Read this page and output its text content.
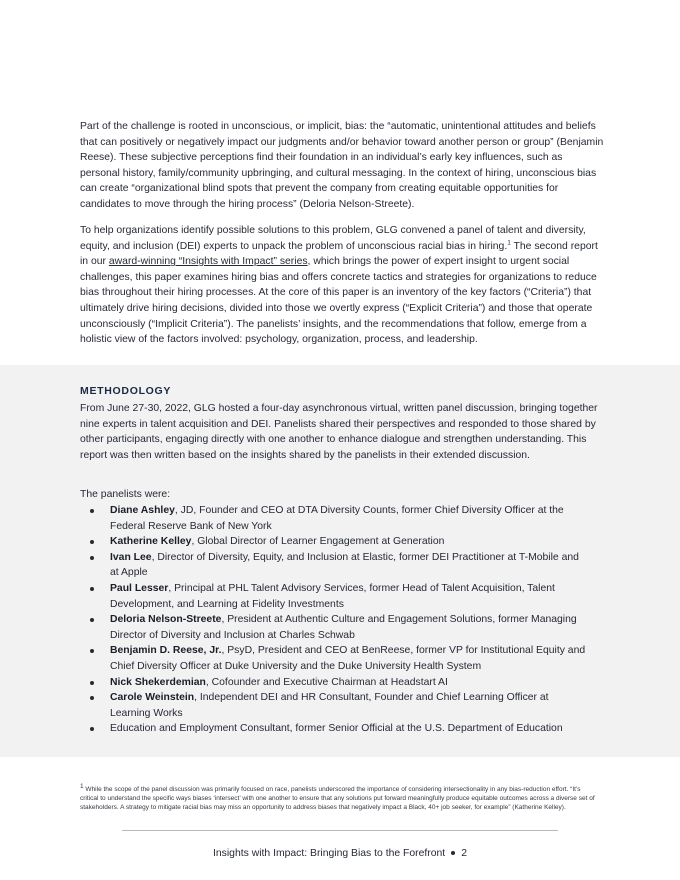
Part of the challenge is rooted in unconscious, or implicit, bias: the “automatic, unintentional attitudes and beliefs that can positively or negatively impact our judgments and/or behavior toward another person or group” (Benjamin Reese). These subjective perceptions find their foundation in an individual’s early key influences, such as personal history, family/community upbringing, and cultural messaging. In the context of hiring, unconscious bias can create “organizational blind spots that prevent the company from creating equitable opportunities for candidates to move through the hiring process” (Deloria Nelson-Streete).

To help organizations identify possible solutions to this problem, GLG convened a panel of talent and diversity, equity, and inclusion (DEI) experts to unpack the problem of unconscious racial bias in hiring.$^1$ The second report in our award-winning “Insights with Impact” series, which brings the power of expert insight to urgent social challenges, this paper examines hiring bias and offers concrete tactics and strategies for organizations to reduce bias throughout their hiring processes. At the core of this paper is an inventory of the key factors (“Criteria”) that ultimately drive hiring decisions, divided into those we overtly express (“Explicit Criteria”) and those that operate unconsciously (“Implicit Criteria”). The panelists’ insights, and the recommendations that follow, emerge from a holistic view of the factors involved: psychology, organization, process, and leadership.

METHODOLOGY

From June 27-30, 2022, GLG hosted a four-day asynchronous virtual, written panel discussion, bringing together nine experts in talent acquisition and DEI. Panelists shared their perspectives and responded to those shared by other participants, engaging directly with one another to enhance dialogue and strengthen understanding. This report was then written based on the insights shared by the panelists in their extended discussion.

The panelists were:

Diane Ashley, JD, Founder and CEO at DTA Diversity Counts, former Chief Diversity Officer at the Federal Reserve Bank of New York
Katherine Kelley, Global Director of Learner Engagement at Generation
Ivan Lee, Director of Diversity, Equity, and Inclusion at Elastic, former DEI Practitioner at T-Mobile and at Apple
Paul Lesser, Principal at PHL Talent Advisory Services, former Head of Talent Acquisition, Talent Development, and Learning at Fidelity Investments
Deloria Nelson-Streete, President at Authentic Culture and Engagement Solutions, former Managing Director of Diversity and Inclusion at Charles Schwab
Benjamin D. Reese, Jr., PsyD, President and CEO at BenReese, former VP for Institutional Equity and Chief Diversity Officer at Duke University and the Duke University Health System
Nick Shekerdemian, Cofounder and Executive Chairman at Headstart AI
Carole Weinstein, Independent DEI and HR Consultant, Founder and Chief Learning Officer at Learning Works
Education and Employment Consultant, former Senior Official at the U.S. Department of Education

$^1$ While the scope of the panel discussion was primarily focused on race, panelists underscored the importance of considering intersectionality in any bias-reduction effort. “It’s critical to understand the specific ways biases ‘intersect’ with one another to ensure that any solutions put forward meaningfully produce equitable outcomes across a diverse set of stakeholders. A strategy to mitigate racial bias may miss an opportunity to address biases that negatively impact a Black, 40+ job seeker, for example” (Katherine Kelley).

Insights with Impact: Bringing Bias to the Forefront 2
